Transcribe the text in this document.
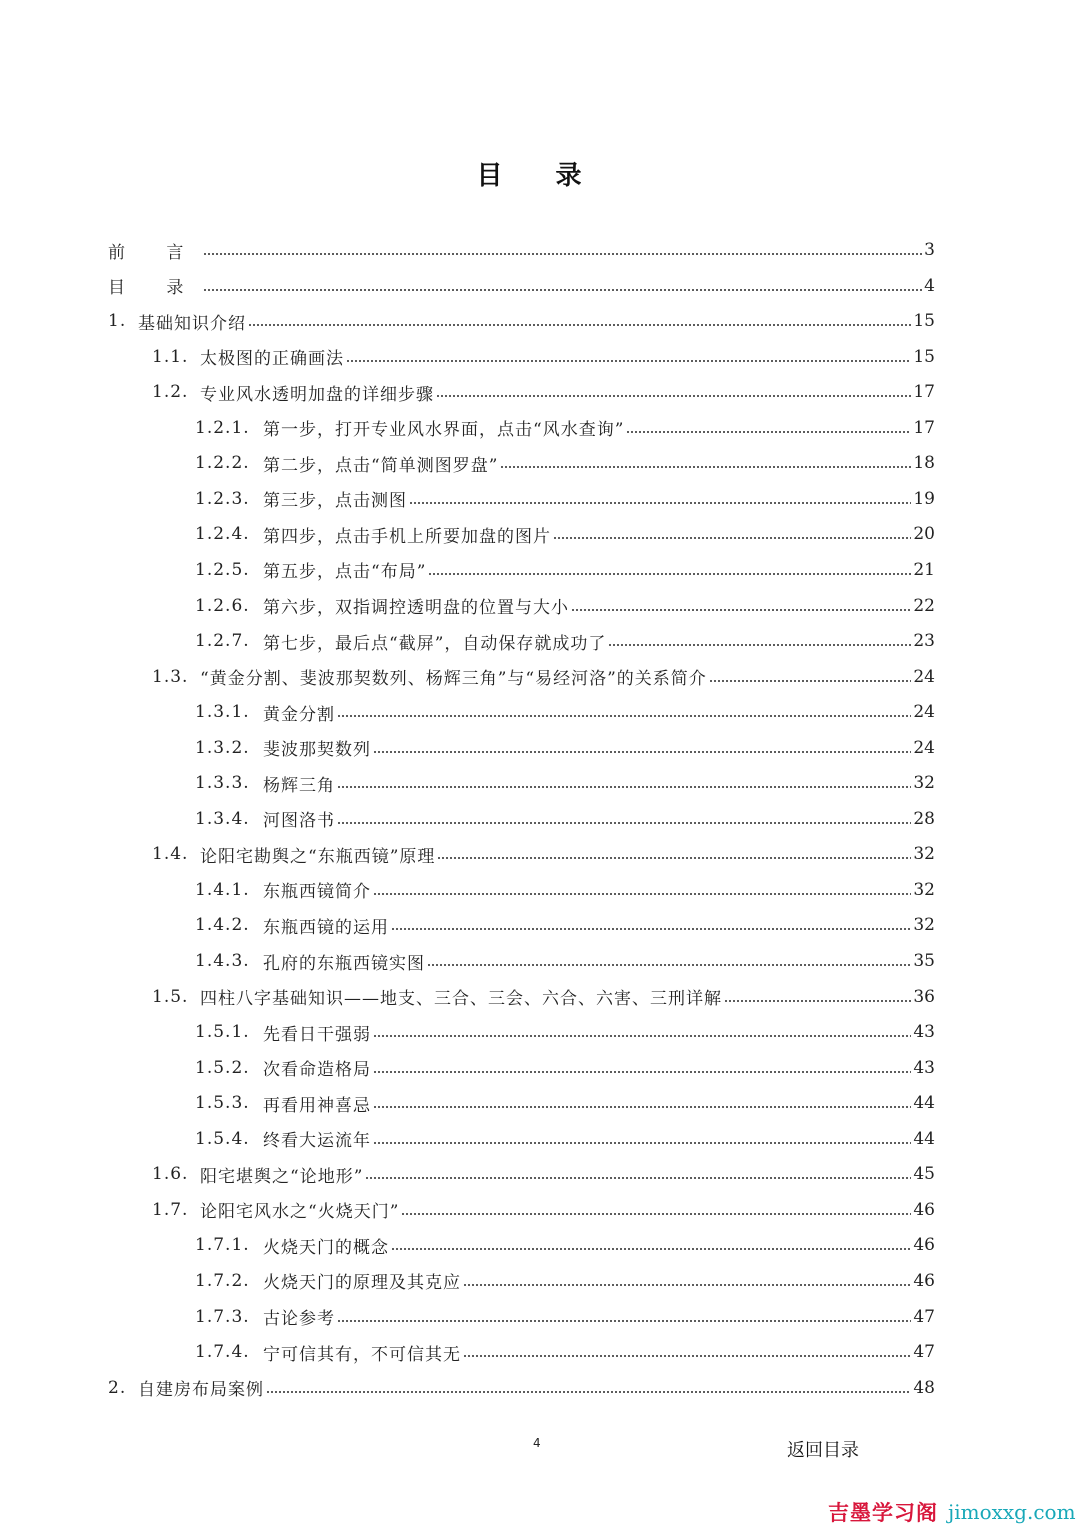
目 录
前 言	3
目 录	4
1. 基础知识介绍	15
1.1. 太极图的正确画法	15
1.2. 专业风水透明加盘的详细步骤	17
1.2.1. 第一步，打开专业风水界面，点击“风水查询”	17
1.2.2. 第二步，点击“简单测图罗盘”	18
1.2.3. 第三步，点击测图	19
1.2.4. 第四步，点击手机上所要加盘的图片	20
1.2.5. 第五步，点击“布局”	21
1.2.6. 第六步，双指调控透明盘的位置与大小	22
1.2.7. 第七步，最后点“截屏”，自动保存就成功了	23
1.3. “黄金分割、斐波那契数列、杨辉三角”与“易经河洛”的关系简介	24
1.3.1. 黄金分割	24
1.3.2. 斐波那契数列	24
1.3.3. 杨辉三角	32
1.3.4. 河图洛书	28
1.4. 论阳宅勘舆之“东瓶西镜”原理	32
1.4.1. 东瓶西镜简介	32
1.4.2. 东瓶西镜的运用	32
1.4.3. 孔府的东瓶西镜实图	35
1.5. 四柱八字基础知识——地支、三合、三会、六合、六害、三刑详解	36
1.5.1. 先看日干强弱	43
1.5.2. 次看命造格局	43
1.5.3. 再看用神喜忌	44
1.5.4. 终看大运流年	44
1.6. 阳宅堪舆之“论地形”	45
1.7. 论阳宅风水之“火烧天门”	46
1.7.1. 火烧天门的概念	46
1.7.2. 火烧天门的原理及其克应	46
1.7.3. 古论参考	47
1.7.4. 宁可信其有，不可信其无	47
2. 自建房布局案例	48
4	返回目录
吉墨学习阁 jimoxxg.com
